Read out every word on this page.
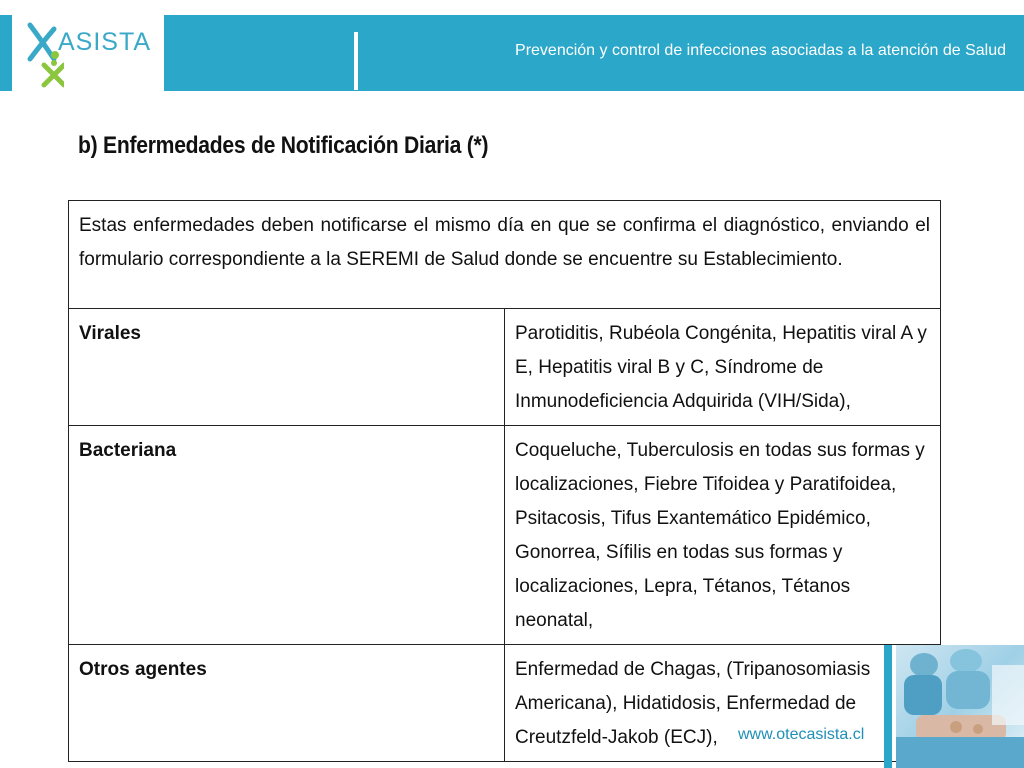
ASISTA	Prevención y control de infecciones asociadas a la atención de Salud
b) Enfermedades de Notificación Diaria (*)
Estas enfermedades deben notificarse el mismo día en que se confirma el diagnóstico, enviando el formulario correspondiente a la SEREMI de Salud donde se encuentre su Establecimiento.	
Virales	Parotiditis, Rubéola Congénita, Hepatitis viral A y E, Hepatitis viral B y C, Síndrome de Inmunodeficiencia Adquirida (VIH/Sida),
Bacteriana	Coqueluche, Tuberculosis en todas sus formas y localizaciones, Fiebre Tifoidea y Paratifoidea, Psitacosis, Tifus Exantemático Epidémico, Gonorrea, Sífilis en todas sus formas y localizaciones, Lepra, Tétanos, Tétanos neonatal,
Otros agentes	Enfermedad de Chagas, (Tripanosomiasis Americana), Hidatidosis, Enfermedad de Creutzfeld-Jakob (ECJ), www.otecasista.cl
